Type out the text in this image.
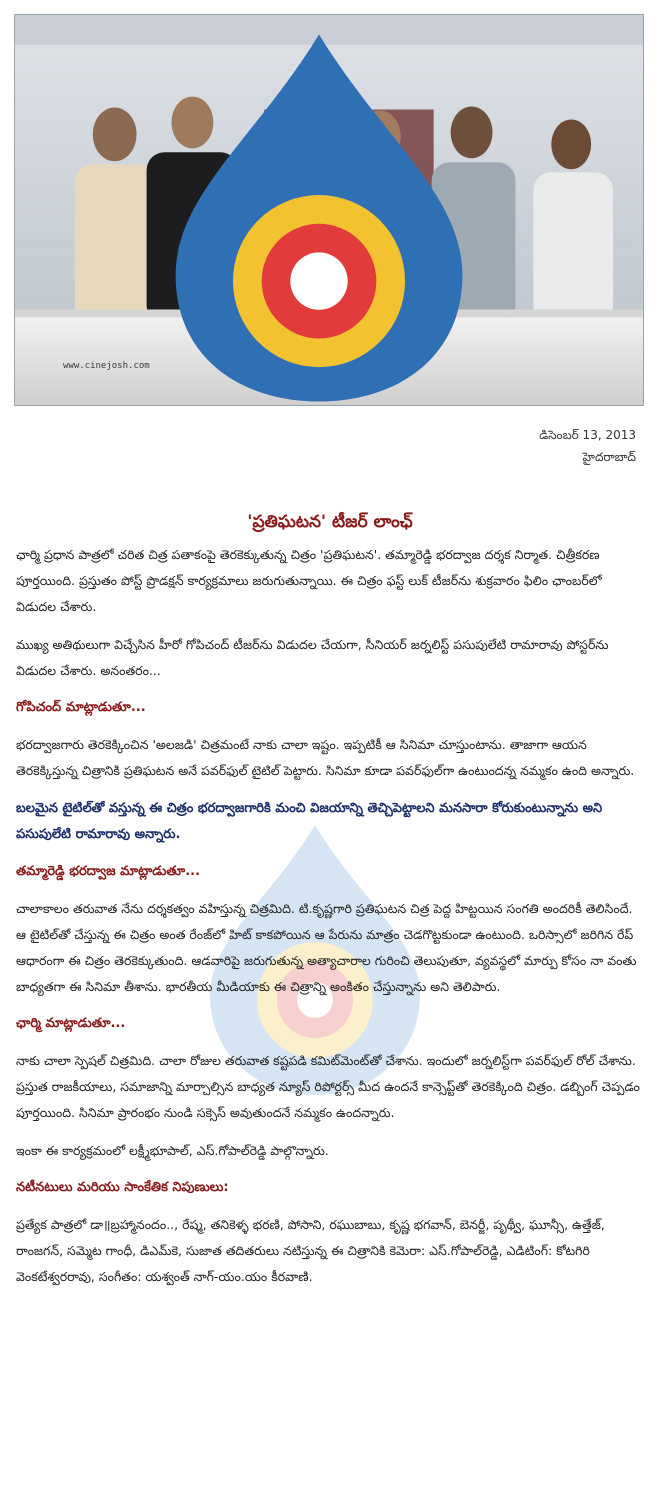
www.cinejosh.com
డిసెంబర్ 13, 2013
హైదరాబాద్
'ప్రతిఘటన' టీజర్ లాంఛ్

ఛార్మి ప్రధాన పాత్రలో చరిత చిత్ర పతాకంపై తెరకెక్కుతున్న చిత్రం 'ప్రతిఘటన'. తమ్మారెడ్డి భరద్వాజ దర్శక నిర్మాత. చిత్రీకరణ పూర్తయింది. ప్రస్తుతం పోస్ట్ ప్రొడక్షన్ కార్యక్రమాలు జరుగుతున్నాయి. ఈ చిత్రం ఫస్ట్ లుక్ టీజర్‌ను శుక్రవారం ఫిలిం ఛాంబర్‌లో విడుదల చేశారు.

ముఖ్య అతిథులుగా విచ్చేసిన హీరో గోపిచంద్ టీజర్‌ను విడుదల చేయగా, సీనియర్ జర్నలిస్ట్ పసుపులేటి రామారావు పోస్టర్‌ను విడుదల చేశారు. అనంతరం...

గోపిచంద్ మాట్లాడుతూ...

భరద్వాజగారు తెరకెక్కించిన 'అలజడి' చిత్రమంటే నాకు చాలా ఇష్టం. ఇప్పటికీ ఆ సినిమా చూస్తుంటాను. తాజాగా ఆయన తెరకెక్కిస్తున్న చిత్రానికి ప్రతిఘటన అనే పవర్‌ఫుల్ టైటిల్ పెట్టారు. సినిమా కూడా పవర్‌ఫుల్‌గా ఉంటుందన్న నమ్మకం ఉంది అన్నారు.

బలమైన టైటిల్‌తో వస్తున్న ఈ చిత్రం భరద్వాజగారికి మంచి విజయాన్ని తెచ్చిపెట్టాలని మనసారా కోరుకుంటున్నాను అని పసుపులేటి రామారావు అన్నారు.

తమ్మారెడ్డి భరద్వాజ మాట్లాడుతూ...

చాలాకాలం తరువాత నేను దర్శకత్వం వహిస్తున్న చిత్రమిది. టి.కృష్ణగారి ప్రతిఘటన చిత్ర పెద్ద హిట్టయిన సంగతి అందరికీ తెలిసిందే. ఆ టైటిల్‌తో చేస్తున్న ఈ చిత్రం అంత రేంజ్‌లో హిట్ కాకపోయిన ఆ పేరును మాత్రం చెడగొట్టకుండా ఉంటుంది. ఒరిస్సాలో జరిగిన రేప్ ఆధారంగా ఈ చిత్రం తెరకెక్కుతుంది. ఆడవారిపై జరుగుతున్న అత్యాచారాల గురించి తెలుపుతూ, వ్యవస్థలో మార్పు కోసం నా వంతు బాధ్యతగా ఈ సినిమా తీశాను. భారతీయ మీడియాకు ఈ చిత్రాన్ని అంకితం చేస్తున్నాను అని తెలిపారు.

ఛార్మి మాట్లాడుతూ...

నాకు చాలా స్పెషల్ చిత్రమిది. చాలా రోజుల తరువాత కష్టపడి కమిట్‌మెంట్‌తో చేశాను. ఇందులో జర్నలిస్ట్‌గా పవర్‌ఫుల్ రోల్ చేశాను. ప్రస్తుత రాజకీయాలు, సమాజాన్ని మార్చాల్సిన బాధ్యత న్యూస్ రిపోర్టర్స్ మీద ఉందనే కాన్సెప్ట్‌తో తెరకెక్కింది చిత్రం. డబ్బింగ్ చెప్పడం పూర్తయింది. సినిమా ప్రారంభం నుండి సక్సెస్ అవుతుందనే నమ్మకం ఉందన్నారు.

ఇంకా ఈ కార్యక్రమంలో లక్ష్మీభూపాల్, ఎస్.గోపాల్‌రెడ్డి పాల్గొన్నారు.

నటీనటులు మరియు సాంకేతిక నిపుణులు:

ప్రత్యేక పాత్రలో డా॥బ్రహ్మానందం.., రేష్మ, తనికెళ్ళ భరణి, పోసాని, రఘుబాబు, కృష్ణ భగవాన్, బెనర్జీ, పృథ్వీ, ఘూన్సీ, ఉత్తేజ్, రాంజగన్, సమ్మెట గాంధీ, డిఎమ్‌కె, సుజాత తదితరులు నటిస్తున్న ఈ చిత్రానికి కెమెరా: ఎస్.గోపాల్‌రెడ్డి, ఎడిటింగ్: కోటగిరి వెంకటేశ్వరరావు, సంగీతం: యశ్వంత్ నాగ్-యం.యం కీరవాణి.
